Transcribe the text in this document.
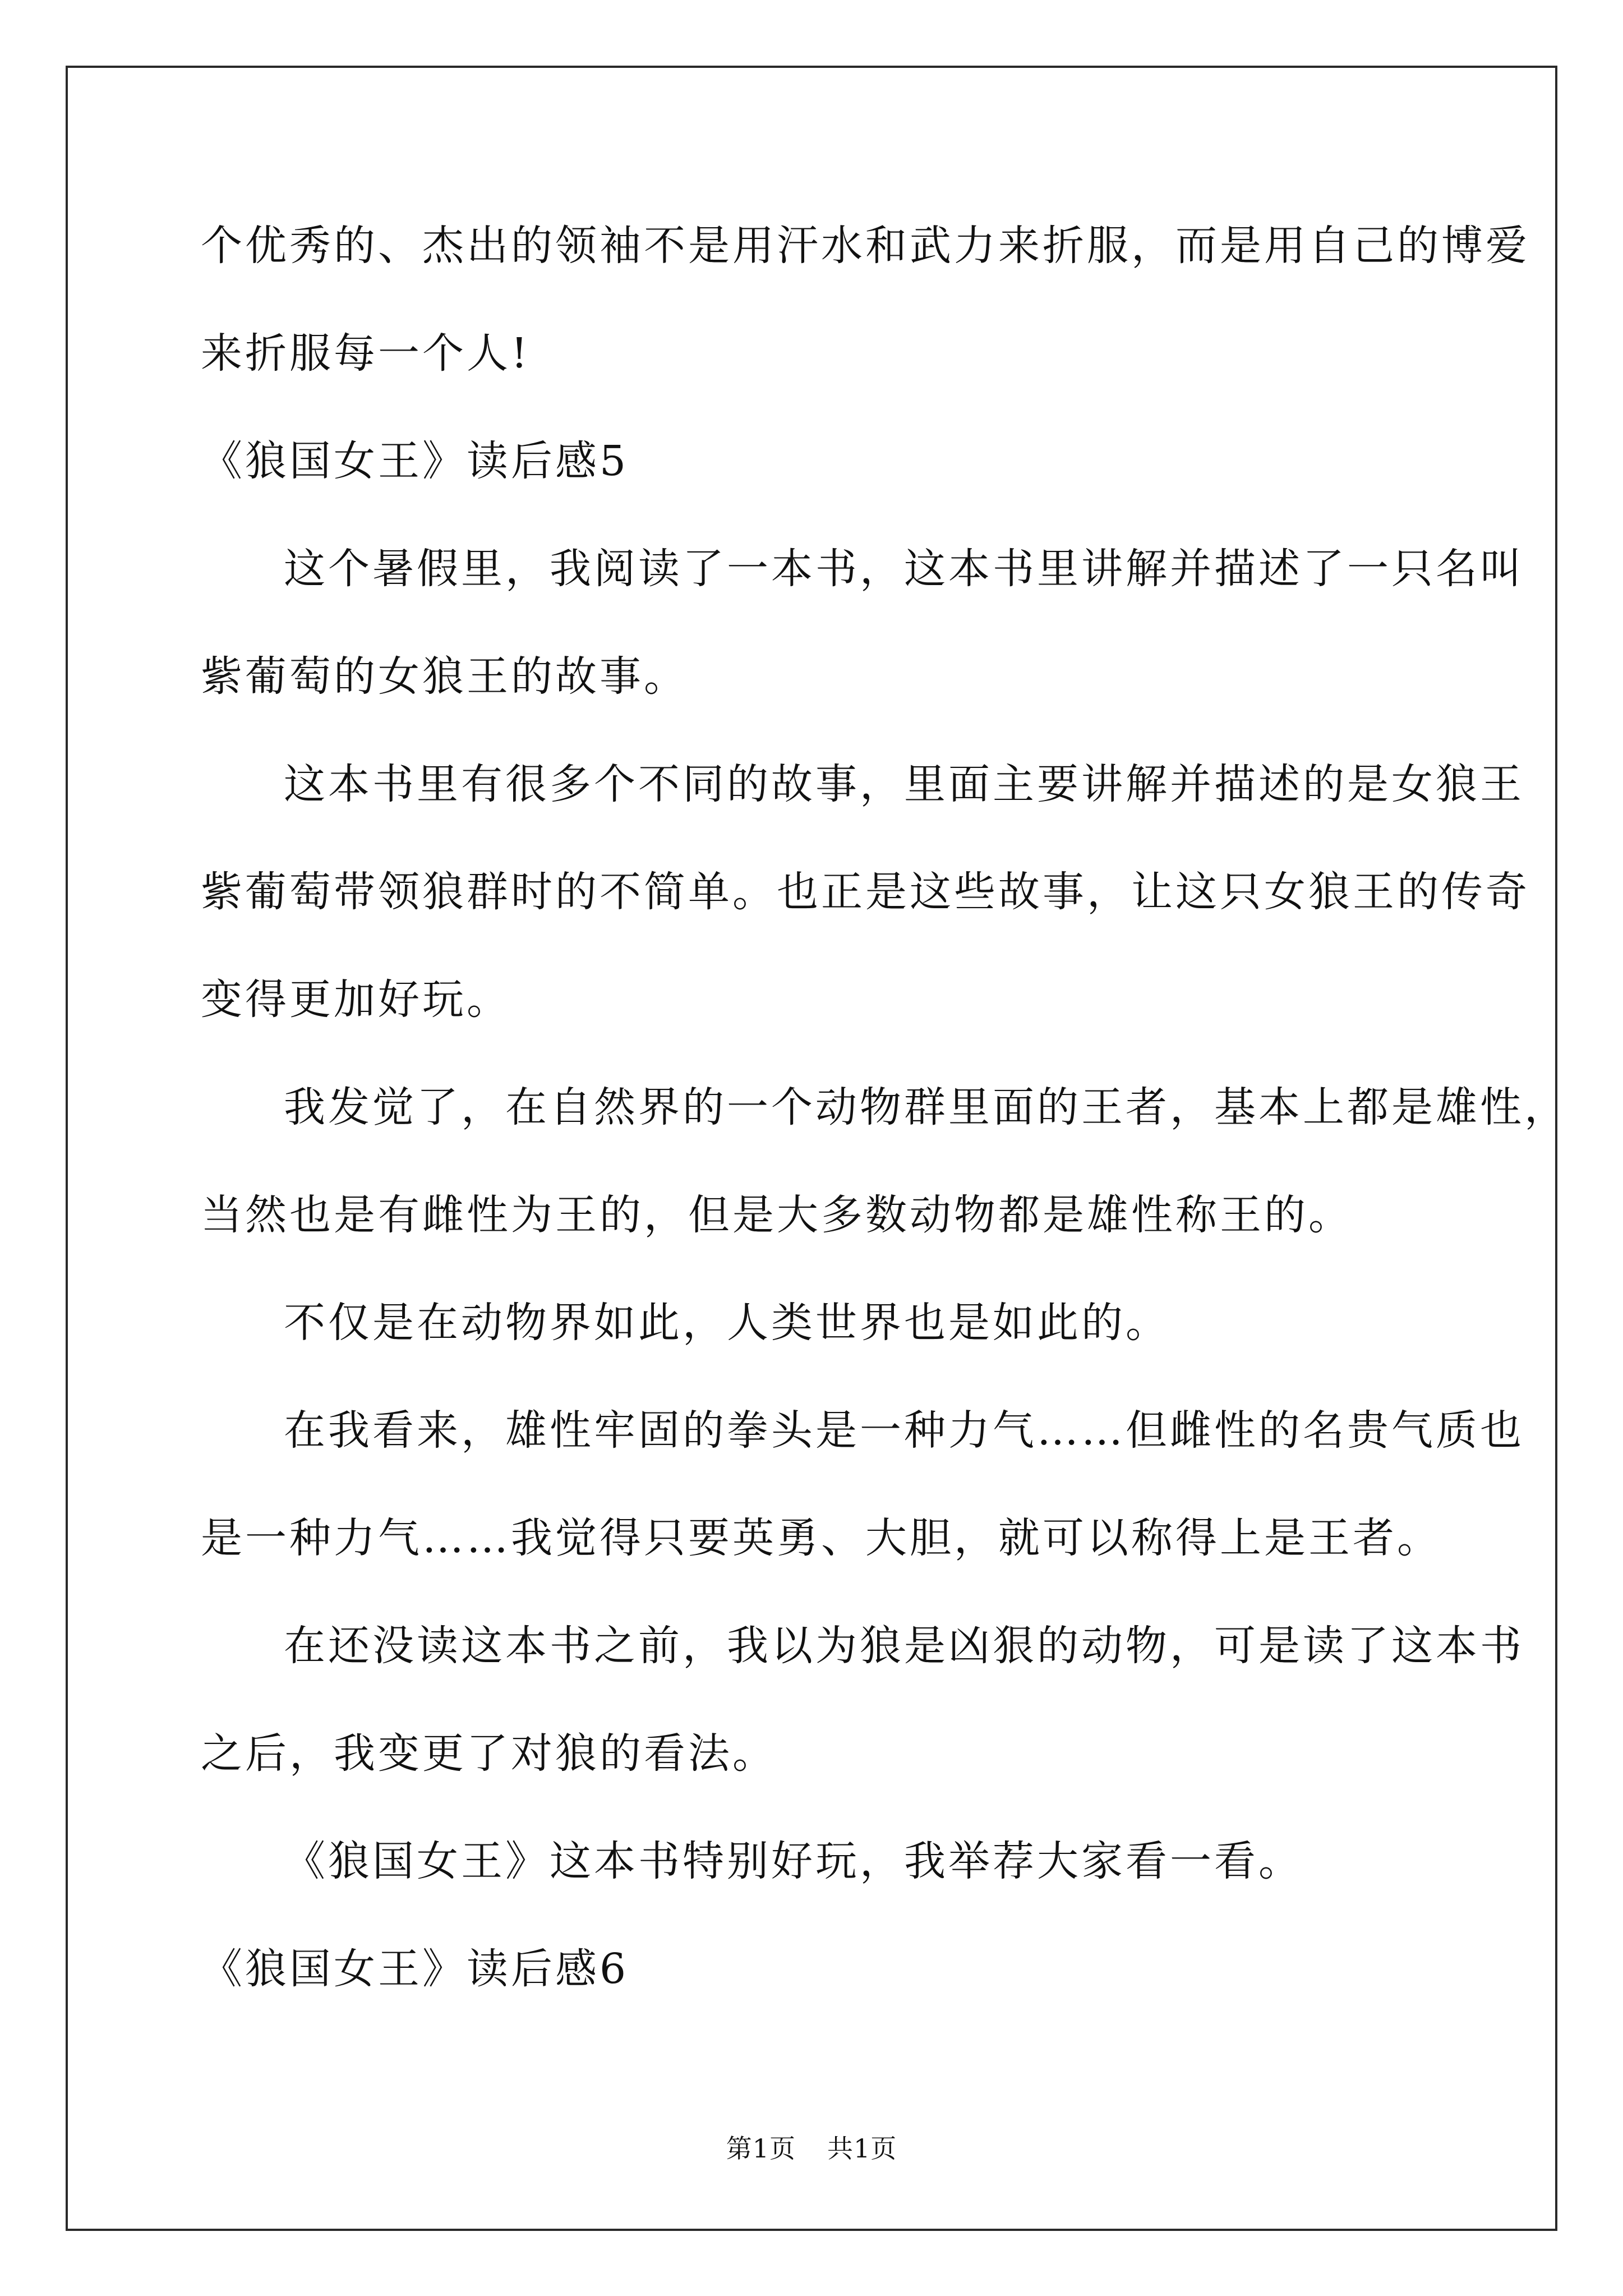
个优秀的、杰出的领袖不是用汗水和武力来折服，而是用自己的博爱
来折服每一个人!
《狼国女王》读后感5
这个暑假里，我阅读了一本书，这本书里讲解并描述了一只名叫
紫葡萄的女狼王的故事。
这本书里有很多个不同的故事，里面主要讲解并描述的是女狼王
紫葡萄带领狼群时的不简单。也正是这些故事，让这只女狼王的传奇
变得更加好玩。
我发觉了，在自然界的一个动物群里面的王者，基本上都是雄性，
当然也是有雌性为王的，但是大多数动物都是雄性称王的。
不仅是在动物界如此，人类世界也是如此的。
在我看来，雄性牢固的拳头是一种力气……但雌性的名贵气质也
是一种力气……我觉得只要英勇、大胆，就可以称得上是王者。
在还没读这本书之前，我以为狼是凶狠的动物，可是读了这本书
之后，我变更了对狼的看法。
《狼国女王》这本书特别好玩，我举荐大家看一看。
《狼国女王》读后感6
第1页 共1页
